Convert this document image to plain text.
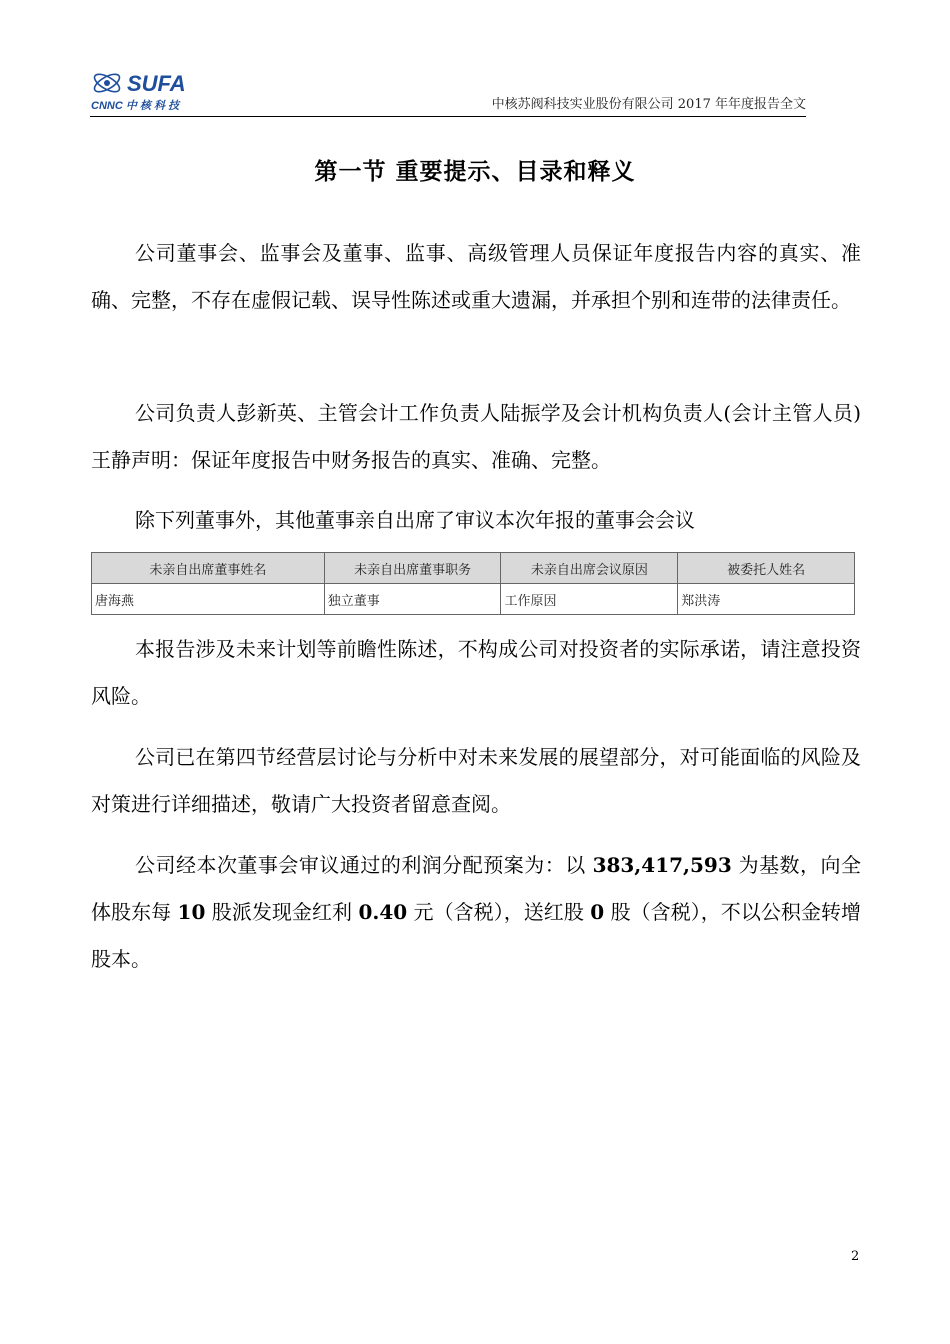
SUFA
CNNC 中 核 科 技	中核苏阀科技实业股份有限公司 2017 年年度报告全文
第一节 重要提示、目录和释义
公司董事会、监事会及董事、监事、高级管理人员保证年度报告内容的真实、准确、完整，不存在虚假记载、误导性陈述或重大遗漏，并承担个别和连带的法律责任。
公司负责人彭新英、主管会计工作负责人陆振学及会计机构负责人(会计主管人员)王静声明：保证年度报告中财务报告的真实、准确、完整。
除下列董事外，其他董事亲自出席了审议本次年报的董事会会议
未亲自出席董事姓名	未亲自出席董事职务	未亲自出席会议原因	被委托人姓名
唐海燕	独立董事	工作原因	郑洪涛
本报告涉及未来计划等前瞻性陈述，不构成公司对投资者的实际承诺，请注意投资风险。
公司已在第四节经营层讨论与分析中对未来发展的展望部分，对可能面临的风险及对策进行详细描述，敬请广大投资者留意查阅。
公司经本次董事会审议通过的利润分配预案为：以 383,417,593 为基数，向全体股东每 10 股派发现金红利 0.40 元（含税），送红股 0 股（含税），不以公积金转增股本。
2
